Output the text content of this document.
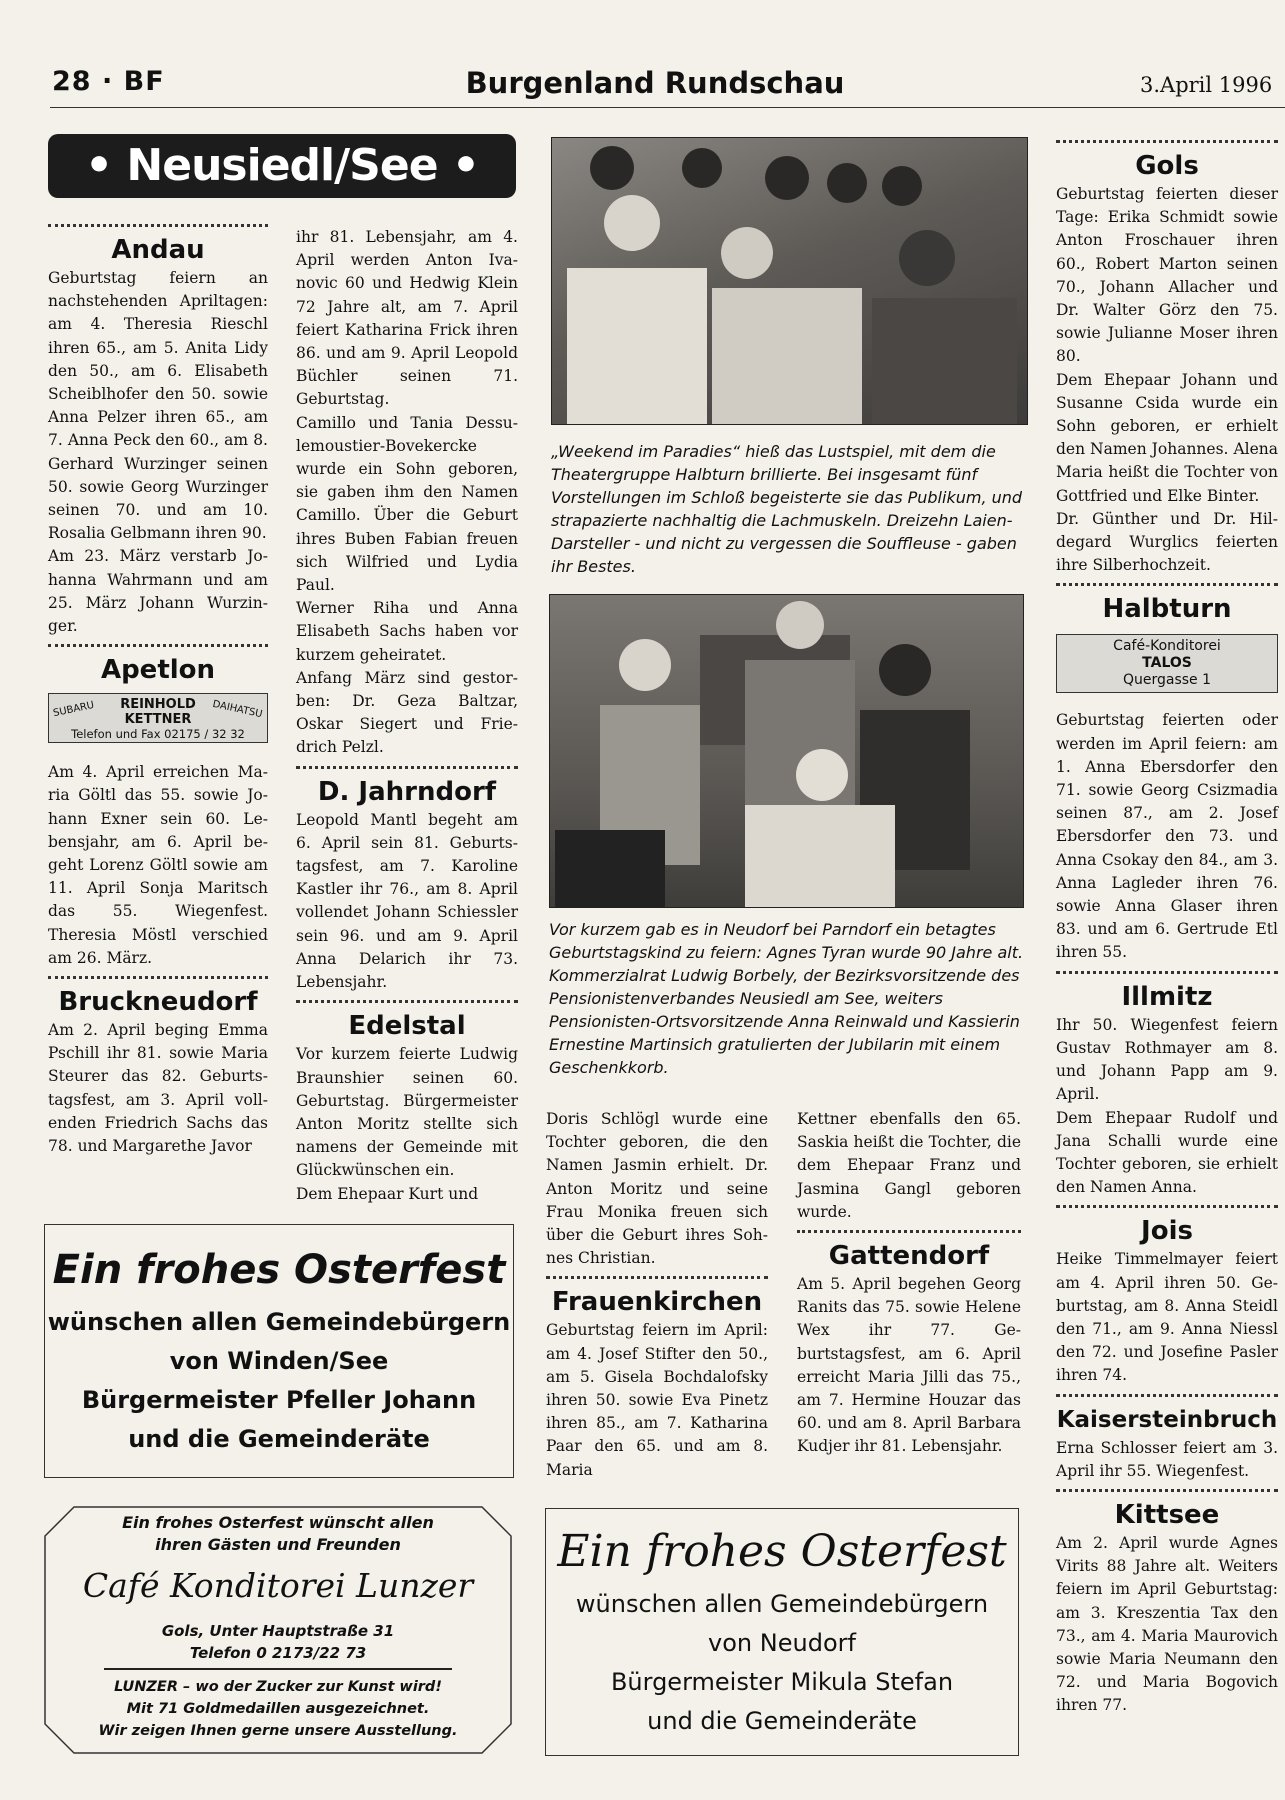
28 · BF	Burgenland Rundschau	3.April 1996
• Neusiedl/See •
Andau

Geburtstag feiern an nachstehenden Apriltagen: am 4. Theresia Rieschl ihren 65., am 5. Anita Lidy den 50., am 6. Elisabeth Scheiblhofer den 50. sowie Anna Pelzer ihren 65., am 7. Anna Peck den 60., am 8. Gerhard Wurzinger seinen 50. sowie Georg Wurzinger seinen 70. und am 10. Rosalia Gelbmann ihren 90.

Am 23. März verstarb Johanna Wahrmann und am 25. März Johann Wurzinger.

Apetlon
SUBARU	DAIHATSU
REINHOLD
KETTNER
Telefon und Fax 02175 / 32 32

Am 4. April erreichen Maria Göltl das 55. sowie Johann Exner sein 60. Lebensjahr, am 6. April begeht Lorenz Göltl sowie am 11. April Sonja Maritsch das 55. Wiegenfest. Theresia Möstl verschied am 26. März.

Bruckneudorf

Am 2. April beging Emma Pschill ihr 81. sowie Maria Steurer das 82. Geburtstagsfest, am 3. April vollenden Friedrich Sachs das 78. und Margarethe Javor

ihr 81. Lebensjahr, am 4. April werden Anton Ivanovic 60 und Hedwig Klein 72 Jahre alt, am 7. April feiert Katharina Frick ihren 86. und am 9. April Leopold Büchler seinen 71. Geburtstag.

Camillo und Tania Dessulemoustier-Bovekercke wurde ein Sohn geboren, sie gaben ihm den Namen Camillo. Über die Geburt ihres Buben Fabian freuen sich Wilfried und Lydia Paul.

Werner Riha und Anna Elisabeth Sachs haben vor kurzem geheiratet.

Anfang März sind gestorben: Dr. Geza Baltzar, Oskar Siegert und Friedrich Pelzl.

D. Jahrndorf

Leopold Mantl begeht am 6. April sein 81. Geburtstagsfest, am 7. Karoline Kastler ihr 76., am 8. April vollendet Johann Schiessler sein 96. und am 9. April Anna Delarich ihr 73. Lebensjahr.

Edelstal

Vor kurzem feierte Ludwig Braunshier seinen 60. Geburtstag. Bürgermeister Anton Moritz stellte sich namens der Gemeinde mit Glückwünschen ein.

Dem Ehepaar Kurt und

„Weekend im Paradies“ hieß das Lustspiel, mit dem die Theatergruppe Halbturn brillierte. Bei insgesamt fünf Vorstellungen im Schloß begeisterte sie das Publikum, und strapazierte nachhaltig die Lachmuskeln. Dreizehn Laien-Darsteller - und nicht zu vergessen die Souffleuse - gaben ihr Bestes.

Vor kurzem gab es in Neudorf bei Parndorf ein betagtes Geburtstagskind zu feiern: Agnes Tyran wurde 90 Jahre alt. Kommerzialrat Ludwig Borbely, der Bezirksvorsitzende des Pensionistenverbandes Neusiedl am See, weiters Pensionisten-Ortsvorsitzende Anna Reinwald und Kassierin Ernestine Martinsich gratulierten der Jubilarin mit einem Geschenkkorb.

Doris Schlögl wurde eine Tochter geboren, die den Namen Jasmin erhielt. Dr. Anton Moritz und seine Frau Monika freuen sich über die Geburt ihres Sohnes Christian.

Frauenkirchen

Geburtstag feiern im April: am 4. Josef Stifter den 50., am 5. Gisela Bochdalofsky ihren 50. sowie Eva Pinetz ihren 85., am 7. Katharina Paar den 65. und am 8. Maria

Kettner ebenfalls den 65. Saskia heißt die Tochter, die dem Ehepaar Franz und Jasmina Gangl geboren wurde.

Gattendorf

Am 5. April begehen Georg Ranits das 75. sowie Helene Wex ihr 77. Geburtstagsfest, am 6. April erreicht Maria Jilli das 75., am 7. Hermine Houzar das 60. und am 8. April Barbara Kudjer ihr 81. Lebensjahr.

Gols

Geburtstag feierten dieser Tage: Erika Schmidt sowie Anton Froschauer ihren 60., Robert Marton seinen 70., Johann Allacher und Dr. Walter Görz den 75. sowie Julianne Moser ihren 80.

Dem Ehepaar Johann und Susanne Csida wurde ein Sohn geboren, er erhielt den Namen Johannes. Alena Maria heißt die Tochter von Gottfried und Elke Binter.

Dr. Günther und Dr. Hildegard Wurglics feierten ihre Silberhochzeit.

Halbturn
Café-Konditorei
TALOS
Quergasse 1

Geburtstag feierten oder werden im April feiern: am 1. Anna Ebersdorfer den 71. sowie Georg Csizmadia seinen 87., am 2. Josef Ebersdorfer den 73. und Anna Csokay den 84., am 3. Anna Lagleder ihren 76. sowie Anna Glaser ihren 83. und am 6. Gertrude Etl ihren 55.

Illmitz

Ihr 50. Wiegenfest feiern Gustav Rothmayer am 8. und Johann Papp am 9. April.

Dem Ehepaar Rudolf und Jana Schalli wurde eine Tochter geboren, sie erhielt den Namen Anna.

Jois

Heike Timmelmayer feiert am 4. April ihren 50. Geburtstag, am 8. Anna Steidl den 71., am 9. Anna Niessl den 72. und Josefine Pasler ihren 74.

Kaisersteinbruch

Erna Schlosser feiert am 3. April ihr 55. Wiegenfest.

Kittsee

Am 2. April wurde Agnes Virits 88 Jahre alt. Weiters feiern im April Geburtstag: am 3. Kreszentia Tax den 73., am 4. Maria Maurovich sowie Maria Neumann den 72. und Maria Bogovich ihren 77.

Ein frohes Osterfest
wünschen allen Gemeindebürgern
von Winden/See
Bürgermeister Pfeller Johann
und die Gemeinderäte
Ein frohes Osterfest wünscht allen
ihren Gästen und Freunden
Café Konditorei Lunzer
Gols, Unter Hauptstraße 31
Telefon 0 2173/22 73
LUNZER – wo der Zucker zur Kunst wird!
Mit 71 Goldmedaillen ausgezeichnet.
Wir zeigen Ihnen gerne unsere Ausstellung.
Ein frohes Osterfest
wünschen allen Gemeindebürgern
von Neudorf
Bürgermeister Mikula Stefan
und die Gemeinderäte
